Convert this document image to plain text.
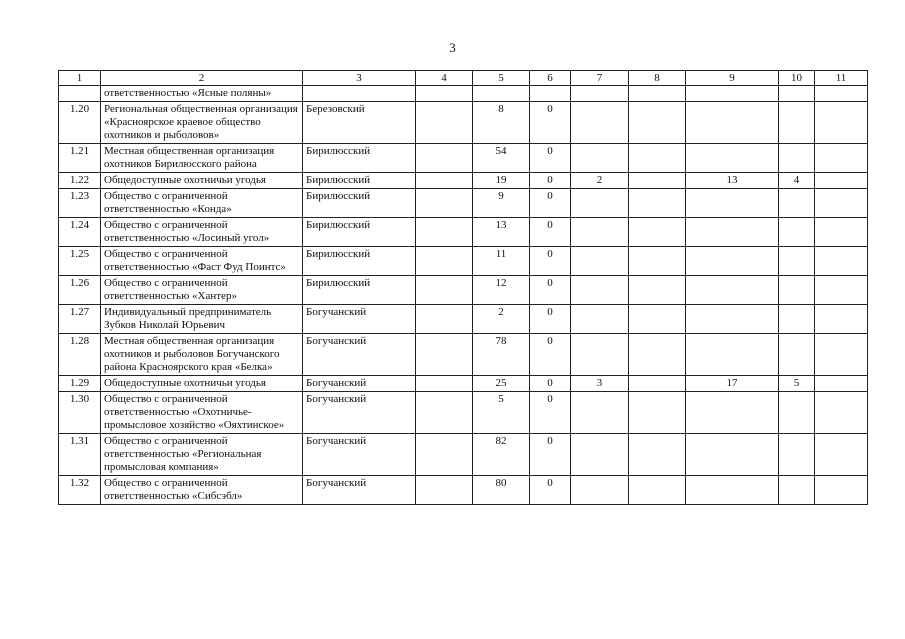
3
1	2	3	4	5	6	7	8	9	10	11
	ответственностью «Ясные поляны»									
1.20	Региональная общественная организация «Красноярское краевое общество охотников и рыболовов»	Березовский		8	0					
1.21	Местная общественная организация охотников Бирилюсского района	Бирилюсский		54	0					
1.22	Общедоступные охотничьи угодья	Бирилюсский		19	0	2		13	4	
1.23	Общество с ограниченной ответственностью «Конда»	Бирилюсский		9	0					
1.24	Общество с ограниченной ответственностью «Лосиный угол»	Бирилюсский		13	0					
1.25	Общество с ограниченной ответственностью «Фаст Фуд Поинтс»	Бирилюсский		11	0					
1.26	Общество с ограниченной ответственностью «Хантер»	Бирилюсский		12	0					
1.27	Индивидуальный предприниматель Зубков Николай Юрьевич	Богучанский		2	0					
1.28	Местная общественная организация охотников и рыболовов Богучанского района Красноярского края «Белка»	Богучанский		78	0					
1.29	Общедоступные охотничьи угодья	Богучанский		25	0	3		17	5	
1.30	Общество с ограниченной ответственностью «Охотничье-промысловое хозяйство «Ояхтинское»	Богучанский		5	0					
1.31	Общество с ограниченной ответственностью «Региональная промысловая компания»	Богучанский		82	0					
1.32	Общество с ограниченной ответственностью «Сибсэбл»	Богучанский		80	0					
